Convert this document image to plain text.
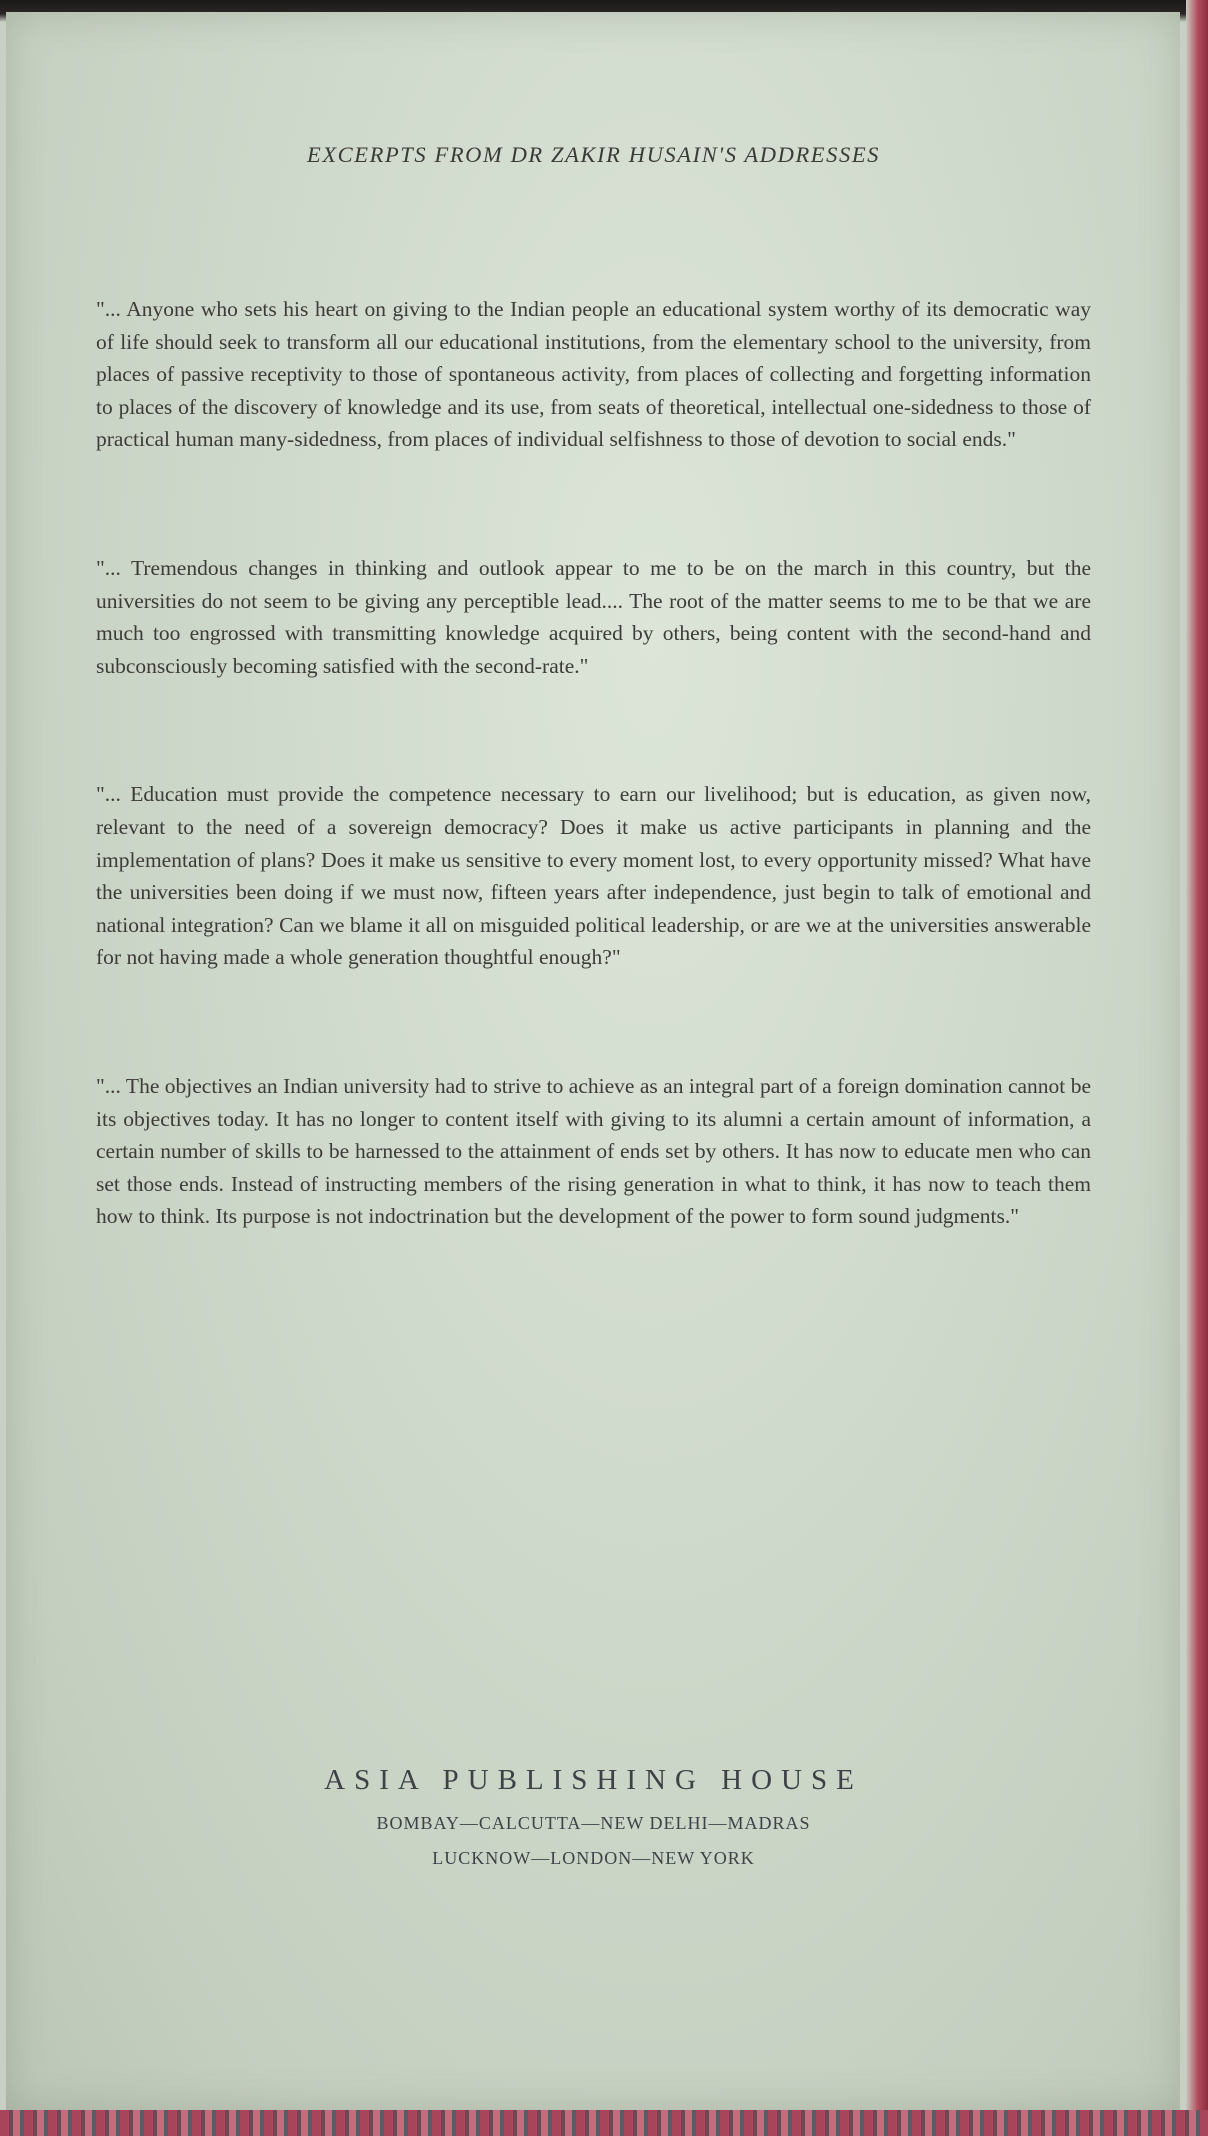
EXCERPTS FROM DR ZAKIR HUSAIN'S ADDRESSES

"... Anyone who sets his heart on giving to the Indian people an educational system worthy of its democratic way of life should seek to transform all our educational institutions, from the elementary school to the university, from places of passive receptivity to those of spontaneous activity, from places of collecting and forgetting information to places of the discovery of knowledge and its use, from seats of theoretical, intellectual one-sidedness to those of practical human many-sidedness, from places of individual selfishness to those of devotion to social ends."

"... Tremendous changes in thinking and outlook appear to me to be on the march in this country, but the universities do not seem to be giving any perceptible lead.... The root of the matter seems to me to be that we are much too engrossed with transmitting knowledge acquired by others, being content with the second-hand and subconsciously becoming satisfied with the second-rate."

"... Education must provide the competence necessary to earn our livelihood; but is education, as given now, relevant to the need of a sovereign democracy? Does it make us active participants in planning and the implementation of plans? Does it make us sensitive to every moment lost, to every opportunity missed? What have the universities been doing if we must now, fifteen years after independence, just begin to talk of emotional and national integration? Can we blame it all on misguided political leadership, or are we at the universities answerable for not having made a whole generation thoughtful enough?"

"... The objectives an Indian university had to strive to achieve as an integral part of a foreign domination cannot be its objectives today. It has no longer to content itself with giving to its alumni a certain amount of information, a certain number of skills to be harnessed to the attainment of ends set by others. It has now to educate men who can set those ends. Instead of instructing members of the rising generation in what to think, it has now to teach them how to think. Its purpose is not indoctrination but the development of the power to form sound judgments."

ASIA PUBLISHING HOUSE

BOMBAY—CALCUTTA—NEW DELHI—MADRAS

LUCKNOW—LONDON—NEW YORK
